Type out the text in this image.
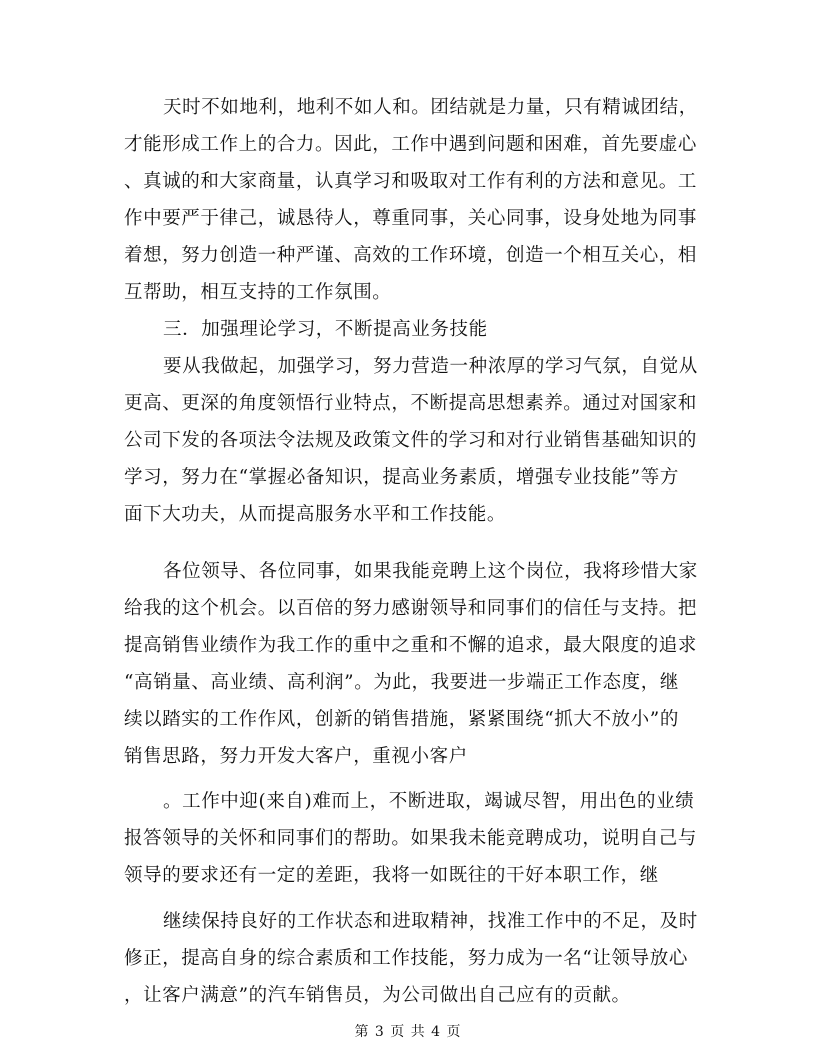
天时不如地利，地利不如人和。团结就是力量，只有精诚团结，
才能形成工作上的合力。因此，工作中遇到问题和困难，首先要虚心
、真诚的和大家商量，认真学习和吸取对工作有利的方法和意见。工
作中要严于律己，诚恳待人，尊重同事，关心同事，设身处地为同事
着想，努力创造一种严谨、高效的工作环境，创造一个相互关心，相
互帮助，相互支持的工作氛围。
三．加强理论学习，不断提高业务技能
要从我做起，加强学习，努力营造一种浓厚的学习气氛，自觉从
更高、更深的角度领悟行业特点，不断提高思想素养。通过对国家和
公司下发的各项法令法规及政策文件的学习和对行业销售基础知识的
学习，努力在“掌握必备知识，提高业务素质，增强专业技能”等方
面下大功夫，从而提高服务水平和工作技能。
各位领导、各位同事，如果我能竞聘上这个岗位，我将珍惜大家
给我的这个机会。以百倍的努力感谢领导和同事们的信任与支持。把
提高销售业绩作为我工作的重中之重和不懈的追求，最大限度的追求
“高销量、高业绩、高利润”。为此，我要进一步端正工作态度，继
续以踏实的工作作风，创新的销售措施，紧紧围绕“抓大不放小”的
销售思路，努力开发大客户，重视小客户
。工作中迎(来自)难而上，不断进取，竭诚尽智，用出色的业绩
报答领导的关怀和同事们的帮助。如果我未能竞聘成功，说明自己与
领导的要求还有一定的差距，我将一如既往的干好本职工作，继
继续保持良好的工作状态和进取精神，找准工作中的不足，及时
修正，提高自身的综合素质和工作技能，努力成为一名“让领导放心
，让客户满意”的汽车销售员，为公司做出自己应有的贡献。
第 3 页 共 4 页
